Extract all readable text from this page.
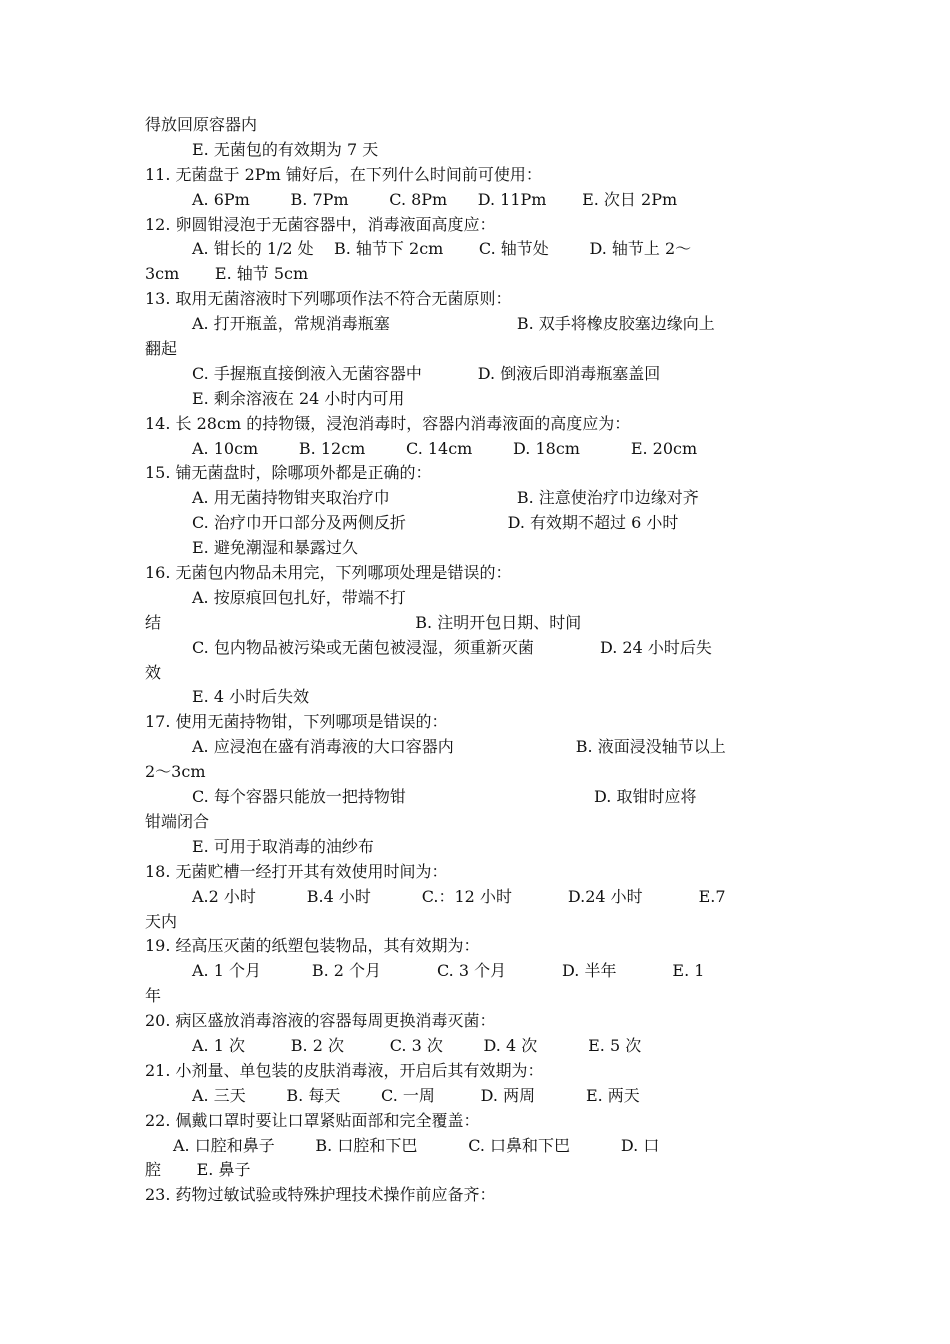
得放回原容器内
E. 无菌包的有效期为 7 天
11. 无菌盘于 2Pm 铺好后，在下列什么时间前可使用：
A. 6Pm        B. 7Pm        C. 8Pm      D. 11Pm       E. 次日 2Pm
12. 卵圆钳浸泡于无菌容器中，消毒液面高度应：
A. 钳长的 1/2 处    B. 轴节下 2cm       C. 轴节处        D. 轴节上 2～
3cm       E. 轴节 5cm
13. 取用无菌溶液时下列哪项作法不符合无菌原则：
A. 打开瓶盖，常规消毒瓶塞                         B. 双手将橡皮胶塞边缘向上
翻起
C. 手握瓶直接倒液入无菌容器中           D. 倒液后即消毒瓶塞盖回
E. 剩余溶液在 24 小时内可用
14. 长 28cm 的持物镊，浸泡消毒时，容器内消毒液面的高度应为：
A. 10cm        B. 12cm        C. 14cm        D. 18cm          E. 20cm
15. 铺无菌盘时，除哪项外都是正确的：
A. 用无菌持物钳夹取治疗巾                         B. 注意使治疗巾边缘对齐
C. 治疗巾开口部分及两侧反折                    D. 有效期不超过 6 小时
E. 避免潮湿和暴露过久
16. 无菌包内物品未用完，下列哪项处理是错误的：
A. 按原痕回包扎好，带端不打
结                                                  B. 注明开包日期、时间
C. 包内物品被污染或无菌包被浸湿，须重新灭菌             D. 24 小时后失
效
E. 4 小时后失效
17. 使用无菌持物钳，下列哪项是错误的：
A. 应浸泡在盛有消毒液的大口容器内                        B. 液面浸没轴节以上
2～3cm
C. 每个容器只能放一把持物钳                                     D. 取钳时应将
钳端闭合
E. 可用于取消毒的油纱布
18. 无菌贮槽一经打开其有效使用时间为：
A.2 小时          B.4 小时          C.：12 小时           D.24 小时           E.7
天内
19. 经高压灭菌的纸塑包装物品，其有效期为：
A. 1 个月          B. 2 个月           C. 3 个月           D. 半年           E. 1
年
20. 病区盛放消毒溶液的容器每周更换消毒灭菌：
A. 1 次         B. 2 次         C. 3 次        D. 4 次          E. 5 次
21. 小剂量、单包装的皮肤消毒液，开启后其有效期为：
A. 三天        B. 每天        C. 一周         D. 两周          E. 两天
22. 佩戴口罩时要让口罩紧贴面部和完全覆盖：
A. 口腔和鼻子        B. 口腔和下巴          C. 口鼻和下巴          D. 口
腔       E. 鼻子
23. 药物过敏试验或特殊护理技术操作前应备齐：
